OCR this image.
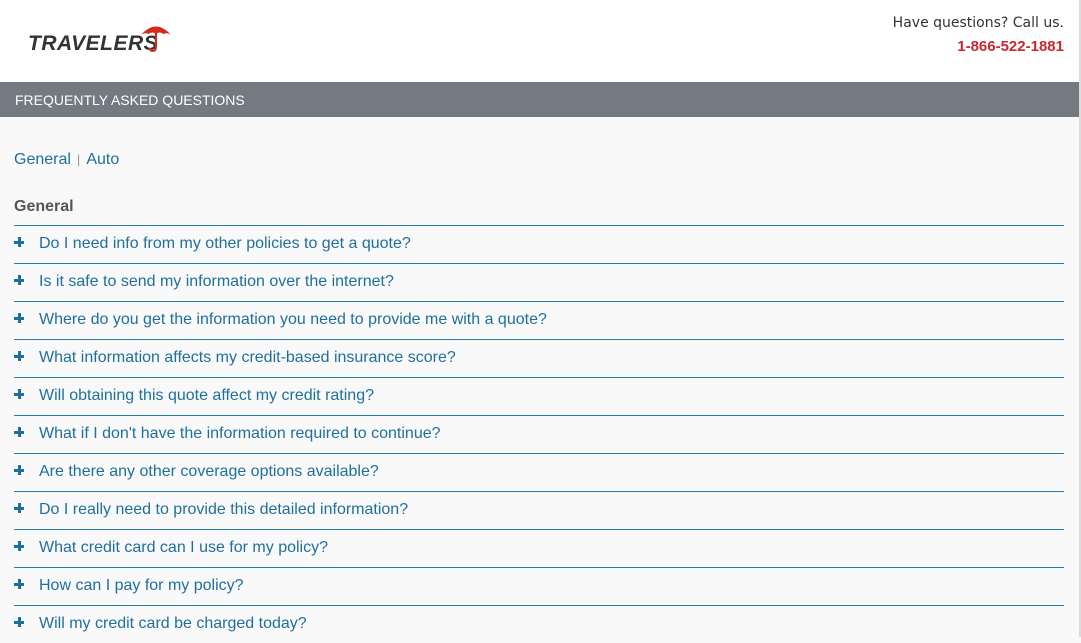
TRAVELERS
Have questions? Call us.
1-866-522-1881
FREQUENTLY ASKED QUESTIONS
General | Auto
General
Do I need info from my other policies to get a quote?
Is it safe to send my information over the internet?
Where do you get the information you need to provide me with a quote?
What information affects my credit-based insurance score?
Will obtaining this quote affect my credit rating?
What if I don't have the information required to continue?
Are there any other coverage options available?
Do I really need to provide this detailed information?
What credit card can I use for my policy?
How can I pay for my policy?
Will my credit card be charged today?
